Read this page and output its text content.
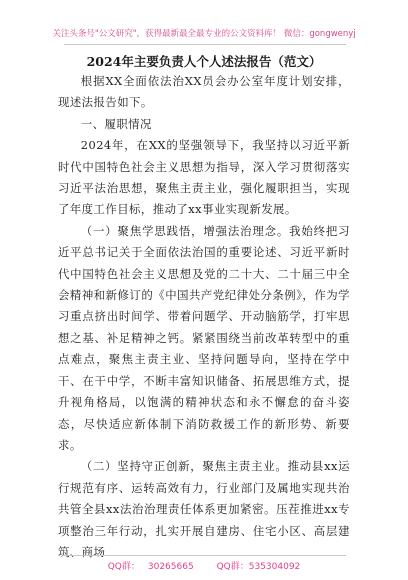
关注头条号"公文研究"，获得最新最全最专业的公文资料库！ 微信：gongwenyj
2024年主要负责人个人述法报告（范文）
根据XX全面依法治XX员会办公室年度计划安排，现述法报告如下。
一、履职情况
2024年，在XX的坚强领导下，我坚持以习近平新时代中国特色社会主义思想为指导，深入学习贯彻落实习近平法治思想，聚焦主责主业，强化履职担当，实现了年度工作目标，推动了xx事业实现新发展。
（一）聚焦学思践悟，增强法治理念。我始终把习近平总书记关于全面依法治国的重要论述、习近平新时代中国特色社会主义思想及党的二十大、二十届三中全会精神和新修订的《中国共产党纪律处分条例》，作为学习重点挤出时间学、带着问题学、开动脑筋学，打牢思想之基、补足精神之钙。紧紧围绕当前改革转型中的重点难点，聚焦主责主业、坚持问题导向，坚持在学中干、在干中学，不断丰富知识储备、拓展思维方式，提升视角格局，以饱满的精神状态和永不懈怠的奋斗姿态，尽快适应新体制下消防救援工作的新形势、新要求。
（二）坚持守正创新，聚焦主责主业。推动县xx运行规范有序、运转高效有力，行业部门及属地实现共治共管全县xx法治治理责任体系更加紧密。压茬推进xx专项整治三年行动，扎实开展自建房、住宅小区、高层建筑、商场
QQ群： 30265665	QQ群：535304092
